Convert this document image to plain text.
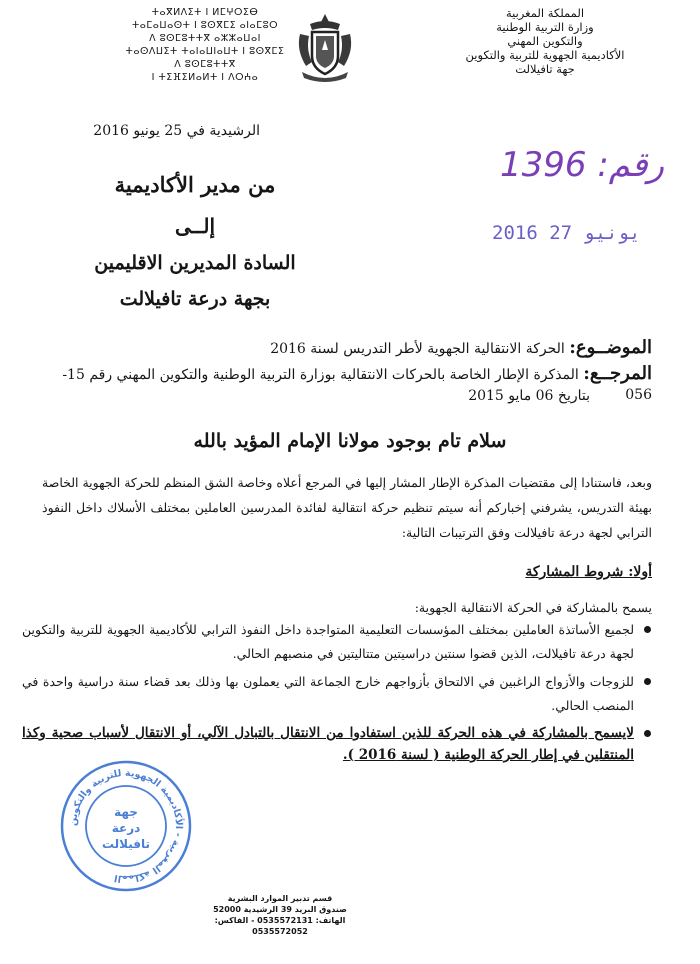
ⵜⴰⴳⵍⴷⵉⵜ ⵏ ⵍⵎⵖⵔⵉⴱ
ⵜⴰⵎⴰⵡⴰⵙⵜ ⵏ ⵓⵙⴳⵎⵉ ⴰⵏⴰⵎⵓⵔ
ⴷ ⵓⵙⵎⵓⵜⵜⴳ ⴰⵣⵣⴰⵡⴰⵏ
ⵜⴰⵙⴷⵡⵉⵜ ⵜⴰⵏⴰⵡⵏⴰⵡⵜ ⵏ ⵓⵙⴳⵎⵉ
ⴷ ⵓⵙⵎⵓⵜⵜⴳ
ⵏ ⵜⵉⴼⵉⵍⴰⵍⵜ ⵏ ⴷⵔⵄⴰ
المملكة المغربية
وزارة التربية الوطنية
والتكوين المهني
الأكاديمية الجهوية للتربية والتكوين
جهة تافيلالت
الرشيدية في 25 يونيو 2016
رقم: 1396
2016 يونيو 27
من مدير الأكاديمية
إلــى
السادة المديرين الاقليمين
بجهة درعة تافيلالت
الموضــوع: الحركة الانتقالية الجهوية لأطر التدريس لسنة 2016
المرجــع: المذكرة الإطار الخاصة بالحركات الانتقالية بوزارة التربية الوطنية والتكوين المهني رقم 15-056
بتاريخ 06 مايو 2015
سلام تام بوجود مولانا الإمام المؤيد بالله
وبعد، فاستنادا إلى مقتضيات المذكرة الإطار المشار إليها في المرجع أعلاه وخاصة الشق المنظم للحركة الجهوية الخاصة بهيئة التدريس، يشرفني إخباركم أنه سيتم تنظيم حركة انتقالية لفائدة المدرسين العاملين بمختلف الأسلاك داخل النفوذ الترابي لجهة درعة تافيلالت وفق الترتيبات التالية:
أولا: شروط المشاركة
يسمح بالمشاركة في الحركة الانتقالية الجهوية:
لجميع الأساتذة العاملين بمختلف المؤسسات التعليمية المتواجدة داخل النفوذ الترابي للأكاديمية الجهوية للتربية والتكوين لجهة درعة تافيلالت، الذين قضوا سنتين دراسيتين متتاليتين في منصبهم الحالي.
للزوجات والأزواج الراغبين في الالتحاق بأزواجهم خارج الجماعة التي يعملون بها وذلك بعد قضاء سنة دراسية واحدة في المنصب الحالي.
لايسمح بالمشاركة في هذه الحركة للذين استفادوا من الانتقال بالتبادل الآلي، أو الانتقال لأسباب صحية وكذا المنتقلين في إطار الحركة الوطنية ( لسنة 2016 ).
المملكة المغربية - الأكاديمية الجهوية للتربية والتكوين
جهة
درعة
تافيلالت
قسم تدبير الموارد البشرية
صندوق البريد 39 الرشيدية 52000
الهاتف: 0535572131 - الفاكس: 0535572052
